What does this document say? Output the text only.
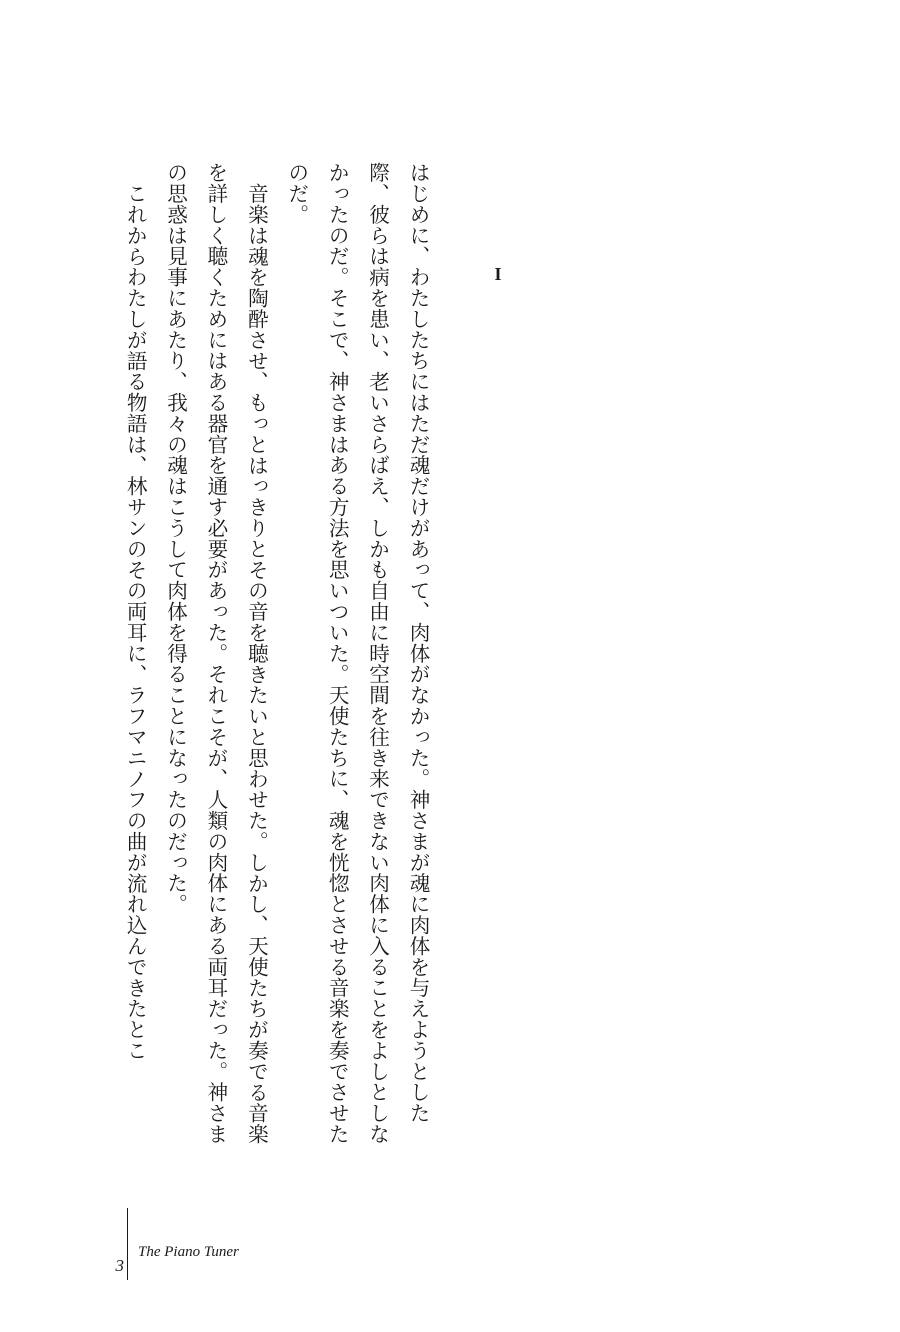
I

はじめに、わたしたちにはただ魂だけがあって、肉体がなかった。神さまが魂に肉体を与えようとした際、彼らは病を患い、老いさらばえ、しかも自由に時空間を往き来できない肉体に入ることをよしとしなかったのだ。そこで、神さまはある方法を思いついた。天使たちに、魂を恍惚とさせる音楽を奏でさせたのだ。

音楽は魂を陶酔させ、もっとはっきりとその音を聴きたいと思わせた。しかし、天使たちが奏でる音楽を詳しく聴くためにはある器官を通す必要があった。それこそが、人類の肉体にある両耳だった。神さまの思惑は見事にあたり、我々の魂はこうして肉体を得ることになったのだった。

これからわたしが語る物語は、林サンのその両耳に、ラフマニノフの曲が流れ込んできたとこ

3
The Piano Tuner
